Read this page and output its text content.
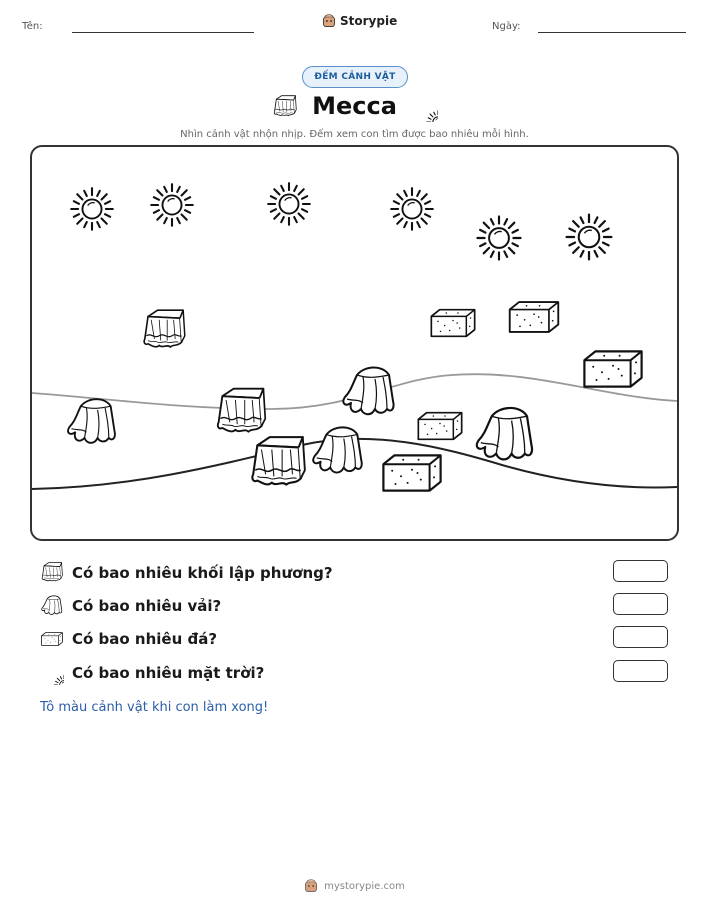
Tên:	Storypie	Ngày:
ĐẾM CẢNH VẬT
Mecca
Nhìn cảnh vật nhộn nhịp. Đếm xem con tìm được bao nhiêu mỗi hình.
Có bao nhiêu khối lập phương?
Có bao nhiêu vải?
Có bao nhiêu đá?
Có bao nhiêu mặt trời?
Tô màu cảnh vật khi con làm xong!
mystorypie.com
